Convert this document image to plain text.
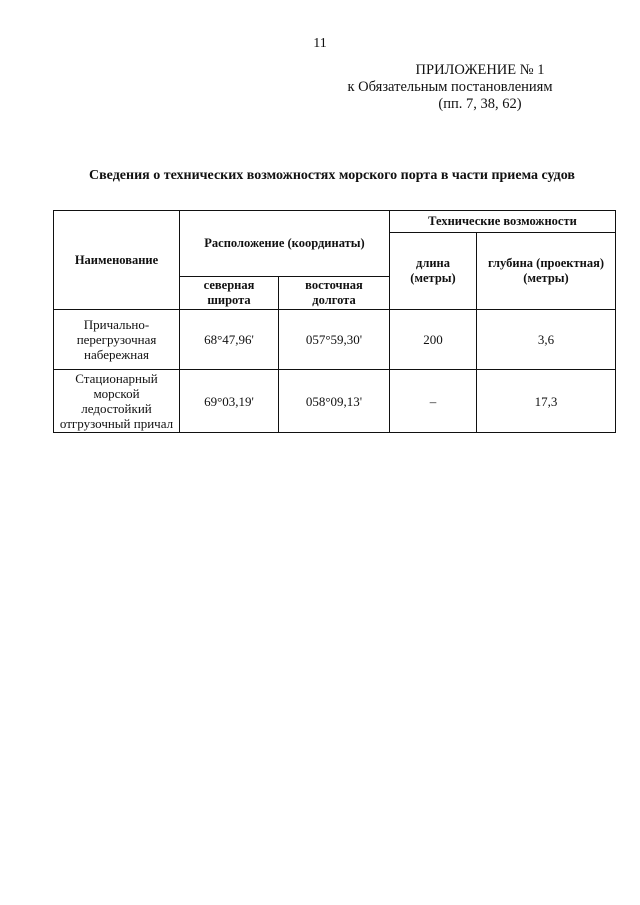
11
ПРИЛОЖЕНИЕ № 1
к Обязательным постановлениям
(пп. 7, 38, 62)
Сведения о технических возможностях морского порта в части приема судов
Наименование	Расположение (координаты)		Технические возможности	
			длина (метры)	глубина (проектная) (метры)
	северная широта	восточная долгота		
Причально-перегрузочная набережная	68°47,96'	057°59,30'	200	3,6
Стационарный морской ледостойкий отгрузочный причал	69°03,19'	058°09,13'	–	17,3
